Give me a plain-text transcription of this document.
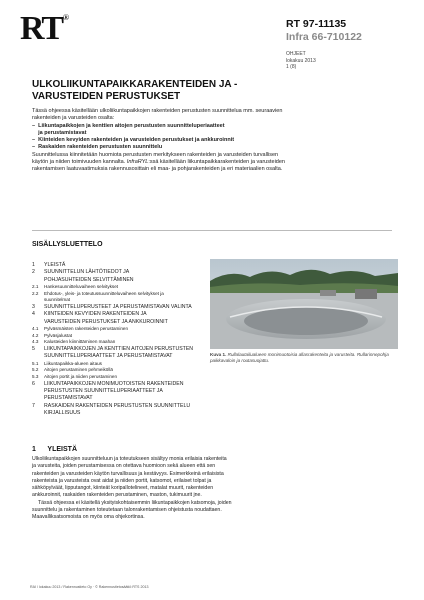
RT®
RT 97-11135
Infra 66-710122
OHJEET
lokakuu 2013
1 (8)
ULKOLIIKUNTAPAIKKARAKENTEIDEN JA -VARUSTEIDEN PERUSTUKSET

Tässä ohjeessa käsitellään ulkoliikuntapaikkojen rakenteiden perustusten suunnittelua mm. seuraavien rakenteiden ja varusteiden osalta:

–  Liikuntapaikkojen ja kenttien aitojen perustusten suunnitteluperiaatteet

ja perustamistavat

–  Kiinteiden kevyiden rakenteiden ja varusteiden perustukset ja ankkuroinnit

–  Raskaiden rakenteiden perustusten suunnittelu

Suunnittelussa kiinnitetään huomiota perustusten merkitykseen rakenteiden ja varusteiden turvallisen käytön ja niiden toimivuuden kannalta. InfraRYL:ssä käsitellään liikuntapaikkarakenteiden ja varusteiden rakentamisen laatuvaatimuksia rakennusosittain eli maa- ja pohjarakenteiden ja eri materiaalien osalta.

SISÄLLYSLUETTELO
1	YLEISTÄ
2	SUUNNITTELUN LÄHTÖTIEDOT JA
POHJASUHTEIDEN SELVITTÄMINEN
2.1	Hankesuunnitteluvaiheen selvitykset
2.2	Ehdotus-, yleis- ja toteutussuunnitteluvaiheen selvitykset ja
suunnitelmat
3	SUUNNITTELUPERUSTEET JA PERUSTAMISTAVAN VALINTA
4	KIINTEIDEN KEVYIDEN RAKENTEIDEN JA
VARUSTEIDEN PERUSTUKSET JA ANKKUROINNIT
4.1	Pylväsmäisten rakenteiden perustaminen
4.2	Pylväsjalustat
4.3	Kalusteiden kiinnittäminen maahan
5	LIIKUNTAPAIKKOJEN JA KENTTIEN AITOJEN PERUSTUSTEN
SUUNNITTELUPERIAATTEET JA PERUSTAMISTAVAT
5.1	Liikuntapaikka-alueen aitaus
5.2	Aitojen perustaminen pehmeiköllä
5.3	Aitojen portit ja niiden perustaminen
6	LIIKUNTAPAIKKOJEN MONIMUOTOISTEN RAKENTEIDEN
PERUSTUSTEN SUUNNITTELUPERIAATTEET JA
PERUSTAMISTAVAT
7	RASKAIDEN RAKENTEIDEN PERUSTUSTEN SUUNNITTELU
KIRJALLISUUS
Kuva 1. Rullalautailualueen monimuotoisia allasrakenteita ja varusteita. Rullarinnepohja paikkavaloin ja routasuojattu.
1      YLEISTÄ

Ulkoliikuntapaikkojen suunnitteluun ja toteutukseen sisältyy monia erilaisia rakenteita ja varusteita, joiden perustamisessa on otettava huomioon sekä alueen että sen rakenteiden ja varusteiden käytön turvallisuus ja kestävyys. Esimerkkeinä erilaisista rakenteista ja varusteista ovat aidat ja niiden portit, katsomot, erilaiset tolpat ja sähköpylväät, lipputangot, kiinteät koripallotelineet, matalat muurit, rakenteiden ankkuroinnit, raskaiden rakenteiden perustaminen, maston, tukimuurit jne.

Tässä ohjeessa ei käsitellä yksityiskohtaisemmin liikuntapaikkojen katsomoja, joiden suunnittelu ja rakentaminen toteutetaan talonrakentamisen ohjeistusta noudattaen. Maavalliksatsomoista on myös oma ohjekortinsa.

RAI / lokakuu 2013 / Rakennustieto Oy · © Rakennustietosäätiö RTS 2013
